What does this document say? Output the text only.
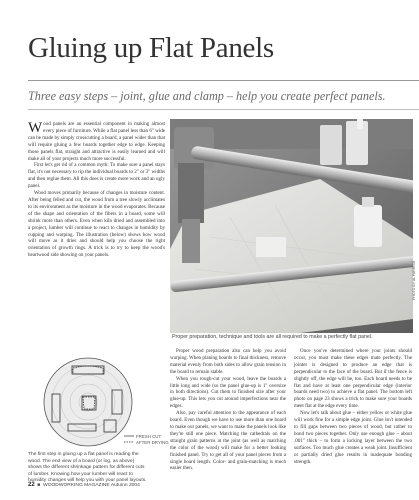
Gluing up Flat Panels
Three easy steps – joint, glue and clamp – help you create perfect panels.

Wood panels are an essential component in making almost every piece of furniture. While a flat panel less than 6" wide can be made by simply crosscutting a board, a panel wider than that will require gluing a few boards together edge to edge. Keeping those panels flat, straight and attractive is easily learned and will make all of your projects much more successful.

First let's get rid of a common myth: To make sure a panel stays flat, it's not necessary to rip the individual boards to 2" or 3" widths and then reglue them. All this does is create more work and an ugly panel.

Wood moves primarily because of changes in moisture content. After being felled and cut, the wood from a tree slowly acclimates to its environment as the moisture in the wood evaporates. Because of the shape and orientation of the fibers in a board, some will shrink more than others. Even when kiln dried and assembled into a project, lumber will continue to react to changes in humidity by cupping and warping. The illustration (below) shows how wood will move as it dries and should help you choose the right orientation of growth rings. A trick is to try to keep the wood's heartwood side showing on your panels.

Proper preparation, technique and tools are all required to make a perfectly flat panel.
PHOTO BY AL PARRISH
FRESH CUT
AFTER DRYING
The first step in gluing up a flat panel is reading the wood. The end view of a board (or log, as above) shows the different shrinkage pattern for different cuts of lumber. Knowing how your lumber will react to humidity changes will help you with your panel layouts.

Proper wood preparation also can help you avoid warping. When planing boards to final thickness, remove material evenly from both sides to allow grain tension in the board to remain stable.

When you rough-cut your wood, leave the boards a little long and wide (so the panel glue-up is 1" oversize in both directions). Cut them to finished size after your glue-up. This lets you cut around imperfections near the edges.

Also, pay careful attention to the appearance of each board. Even though we have to use more than one board to make our panels, we want to make the panels look like they're still one piece. Matching the cathedrals on the straight grain patterns at the joint (as well as matching the color of the wood) will make for a better looking finished panel. Try to get all of your panel pieces from a single board length. Color- and grain-matching is much easier then.

Once you've determined where your joints should occur, you must make these edges mate perfectly. The jointer is designed to produce an edge that is perpendicular to the face of the board. But if the fence is slightly off, the edge will be, too. Each board needs to be flat and have at least one perpendicular edge (interior boards need two) to achieve a flat panel. The bottom left photo on page 23 shows a trick to make sure your boards meet flat at the edge every time.

Now let's talk about glue – either yellow or white glue will work fine for a simple edge joint. Glue isn't intended to fill gaps between two pieces of wood, but rather to bond two pieces together. Only use enough glue – about .001" thick – to form a locking layer between the two surfaces. Too much glue creates a weak joint. Insufficient or partially dried glue results in inadequate bonding strength.

22  ■  WOODWORKING MAGAZINE Autumn 2004
